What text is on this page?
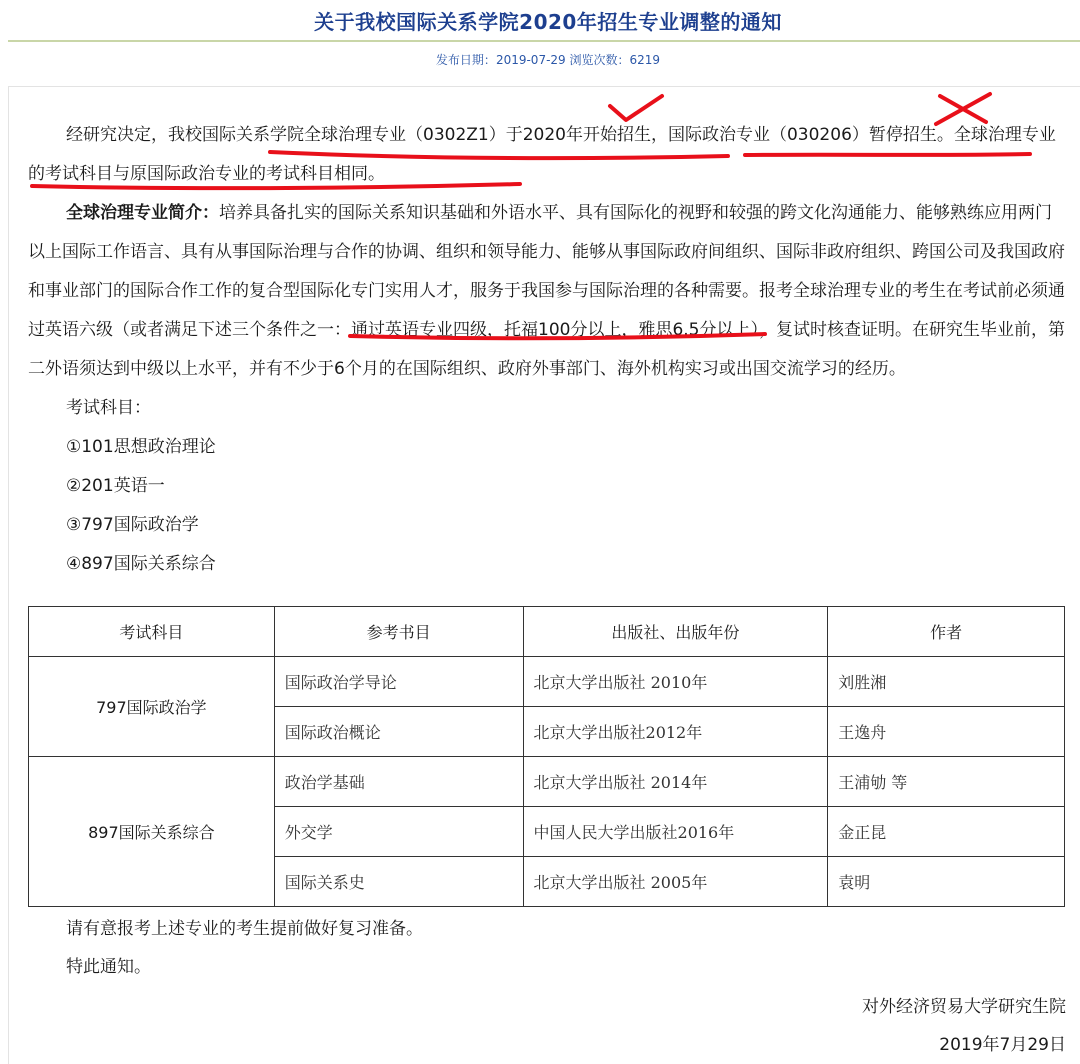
关于我校国际关系学院2020年招生专业调整的通知
发布日期：2019-07-29 浏览次数：6219

经研究决定，我校国际关系学院全球治理专业（0302Z1）于2020年开始招生，国际政治专业（030206）暂停招生。全球治理专业的考试科目与原国际政治专业的考试科目相同。

全球治理专业简介：培养具备扎实的国际关系知识基础和外语水平、具有国际化的视野和较强的跨文化沟通能力、能够熟练应用两门以上国际工作语言、具有从事国际治理与合作的协调、组织和领导能力、能够从事国际政府间组织、国际非政府组织、跨国公司及我国政府和事业部门的国际合作工作的复合型国际化专门实用人才，服务于我国参与国际治理的各种需要。报考全球治理专业的考生在考试前必须通过英语六级（或者满足下述三个条件之一：通过英语专业四级，托福100分以上，雅思6.5分以上），复试时核查证明。在研究生毕业前，第二外语须达到中级以上水平，并有不少于6个月的在国际组织、政府外事部门、海外机构实习或出国交流学习的经历。

考试科目：

①101思想政治理论

②201英语一

③797国际政治学

④897国际关系综合

考试科目	参考书目	出版社、出版年份	作者
797国际政治学	国际政治学导论	北京大学出版社 2010年	刘胜湘
	国际政治概论	北京大学出版社2012年	王逸舟
897国际关系综合	政治学基础	北京大学出版社 2014年	王浦劬 等
	外交学	中国人民大学出版社2016年	金正昆
	国际关系史	北京大学出版社 2005年	袁明

请有意报考上述专业的考生提前做好复习准备。

特此通知。

对外经济贸易大学研究生院
2019年7月29日
